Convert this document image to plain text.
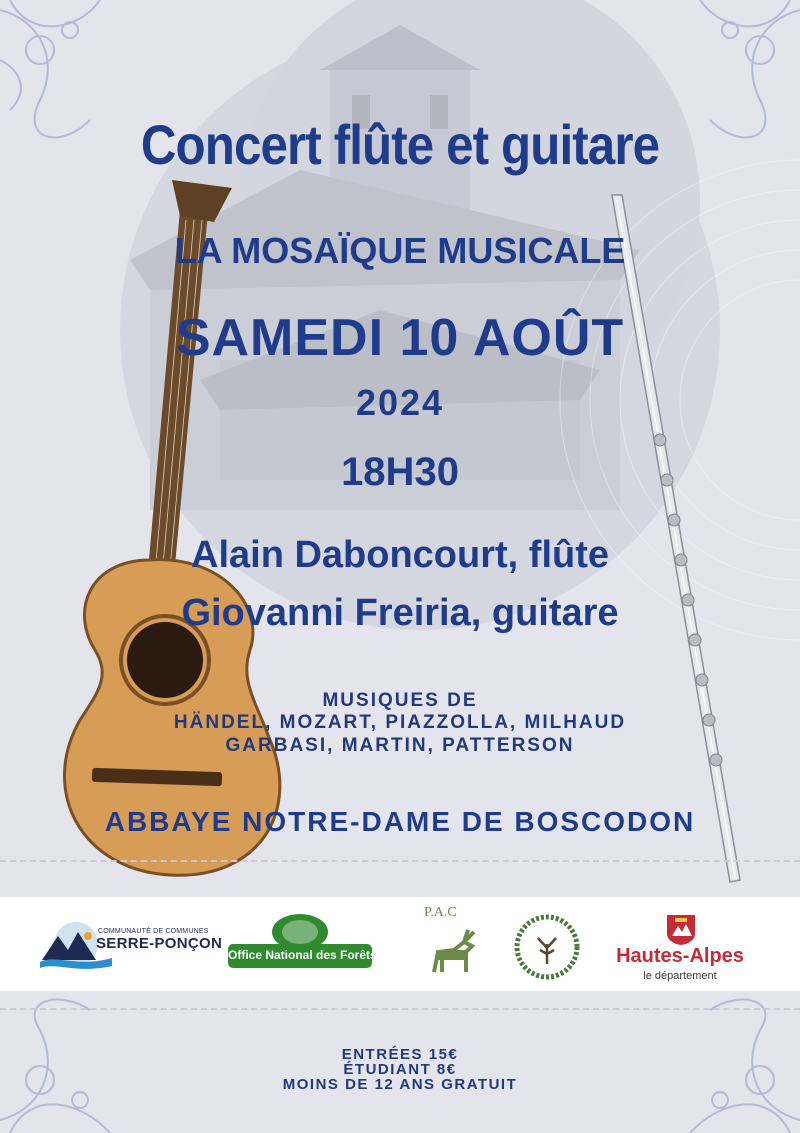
Concert flûte et guitare
LA MOSAÏQUE MUSICALE
SAMEDI 10 AOÛT
2024
18H30
Alain Daboncourt, flûte
Giovanni Freiria, guitare
MUSIQUES DE
HÄNDEL, MOZART, PIAZZOLLA, MILHAUD
GARBASI, MARTIN, PATTERSON
ABBAYE NOTRE-DAME DE BOSCODON
COMMUNAUTÉ DE COMMUNES
SERRE-PONÇON
Office National des Forêts
P.A.C
Hautes-Alpes
le département
ENTRÉES 15€
ÉTUDIANT 8€
MOINS DE 12 ANS GRATUIT
